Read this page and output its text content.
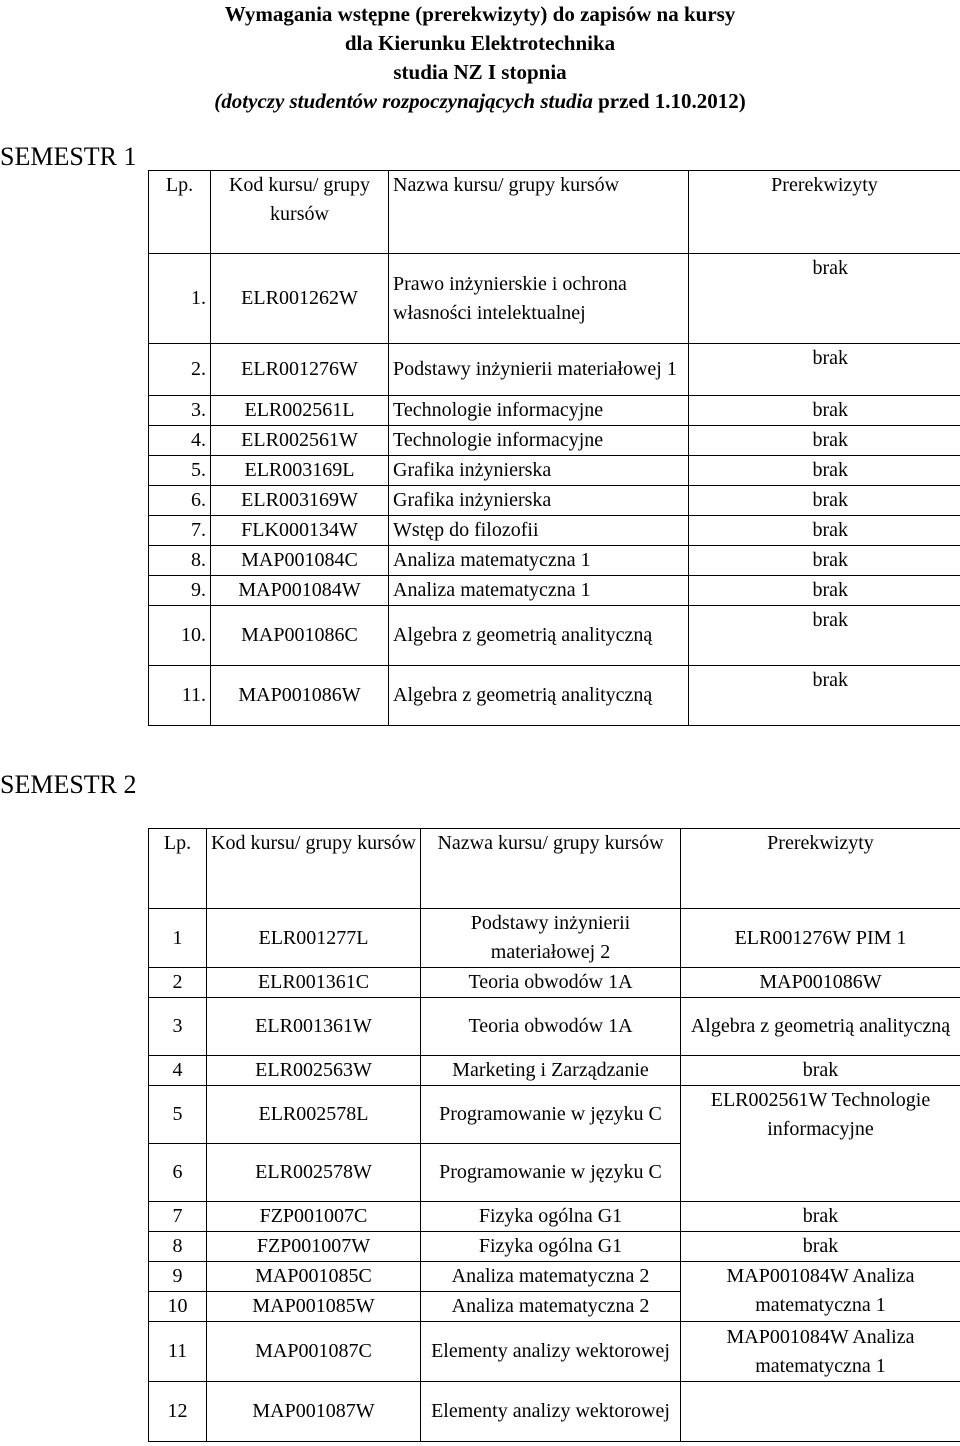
Wymagania wstępne (prerekwizyty) do zapisów na kursy
dla Kierunku Elektrotechnika
studia NZ I stopnia
(dotyczy studentów rozpoczynających studia przed 1.10.2012)
SEMESTR 1
Lp.	Kod kursu/ grupy kursów	Nazwa kursu/ grupy kursów	Prerekwizyty
1.	ELR001262W	Prawo inżynierskie i ochrona własności intelektualnej	brak
2.	ELR001276W	Podstawy inżynierii materiałowej 1	brak
3.	ELR002561L	Technologie informacyjne	brak
4.	ELR002561W	Technologie informacyjne	brak
5.	ELR003169L	Grafika inżynierska	brak
6.	ELR003169W	Grafika inżynierska	brak
7.	FLK000134W	Wstęp do filozofii	brak
8.	MAP001084C	Analiza matematyczna 1	brak
9.	MAP001084W	Analiza matematyczna 1	brak
10.	MAP001086C	Algebra z geometrią analityczną	brak
11.	MAP001086W	Algebra z geometrią analityczną	brak
SEMESTR 2
Lp.	Kod kursu/ grupy kursów	Nazwa kursu/ grupy kursów	Prerekwizyty
1	ELR001277L	Podstawy inżynierii materiałowej 2	ELR001276W PIM 1
2	ELR001361C	Teoria obwodów 1A	MAP001086W
3	ELR001361W	Teoria obwodów 1A	Algebra z geometrią analityczną
4	ELR002563W	Marketing i Zarządzanie	brak
5	ELR002578L	Programowanie w języku C	ELR002561W Technologie informacyjne
6	ELR002578W	Programowanie w języku C	
7	FZP001007C	Fizyka ogólna G1	brak
8	FZP001007W	Fizyka ogólna G1	brak
9	MAP001085C	Analiza matematyczna 2	MAP001084W Analiza matematyczna 1
10	MAP001085W	Analiza matematyczna 2	
11	MAP001087C	Elementy analizy wektorowej	MAP001084W Analiza matematyczna 1
12	MAP001087W	Elementy analizy wektorowej	
